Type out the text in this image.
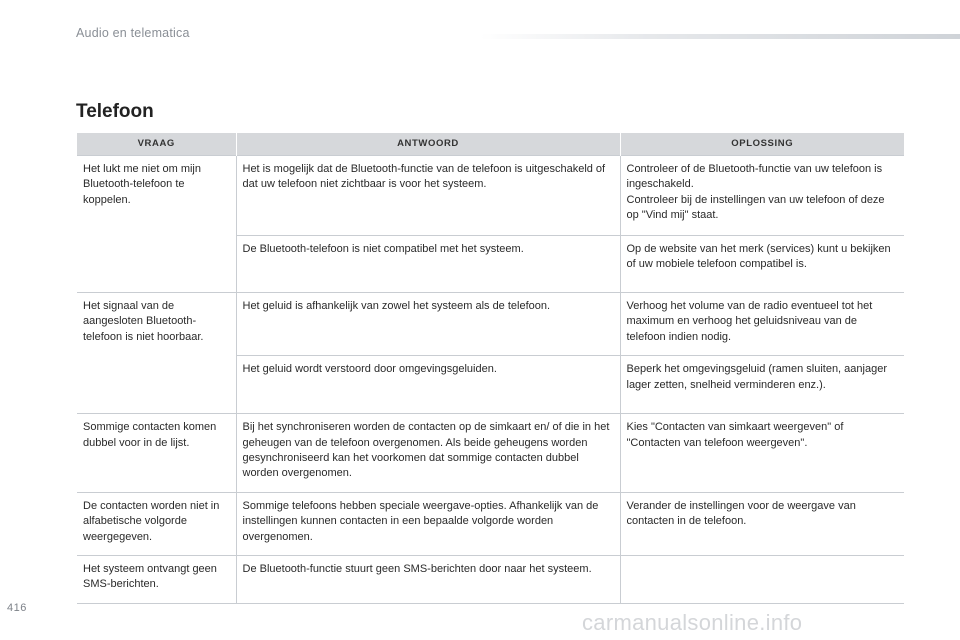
Audio en telematica
Telefoon
VRAAG	ANTWOORD	OPLOSSING
Het lukt me niet om mijn Bluetooth-telefoon te koppelen.	Het is mogelijk dat de Bluetooth-functie van de telefoon is uitgeschakeld of dat uw telefoon niet zichtbaar is voor het systeem.	Controleer of de Bluetooth-functie van uw telefoon is ingeschakeld.
Controleer bij de instellingen van uw telefoon of deze op "Vind mij" staat.
	De Bluetooth-telefoon is niet compatibel met het systeem.	Op de website van het merk (services) kunt u bekijken of uw mobiele telefoon compatibel is.
Het signaal van de aangesloten Bluetooth-telefoon is niet hoorbaar.	Het geluid is afhankelijk van zowel het systeem als de telefoon.	Verhoog het volume van de radio eventueel tot het maximum en verhoog het geluidsniveau van de telefoon indien nodig.
	Het geluid wordt verstoord door omgevingsgeluiden.	Beperk het omgevingsgeluid (ramen sluiten, aanjager lager zetten, snelheid verminderen enz.).
Sommige contacten komen dubbel voor in de lijst.	Bij het synchroniseren worden de contacten op de simkaart en/ of die in het geheugen van de telefoon overgenomen. Als beide geheugens worden gesynchroniseerd kan het voorkomen dat sommige contacten dubbel worden overgenomen.	Kies "Contacten van simkaart weergeven" of "Contacten van telefoon weergeven".
De contacten worden niet in alfabetische volgorde weergegeven.	Sommige telefoons hebben speciale weergave-opties. Afhankelijk van de instellingen kunnen contacten in een bepaalde volgorde worden overgenomen.	Verander de instellingen voor de weergave van contacten in de telefoon.
Het systeem ontvangt geen SMS-berichten.	De Bluetooth-functie stuurt geen SMS-berichten door naar het systeem.	
416
carmanualsonline.info
